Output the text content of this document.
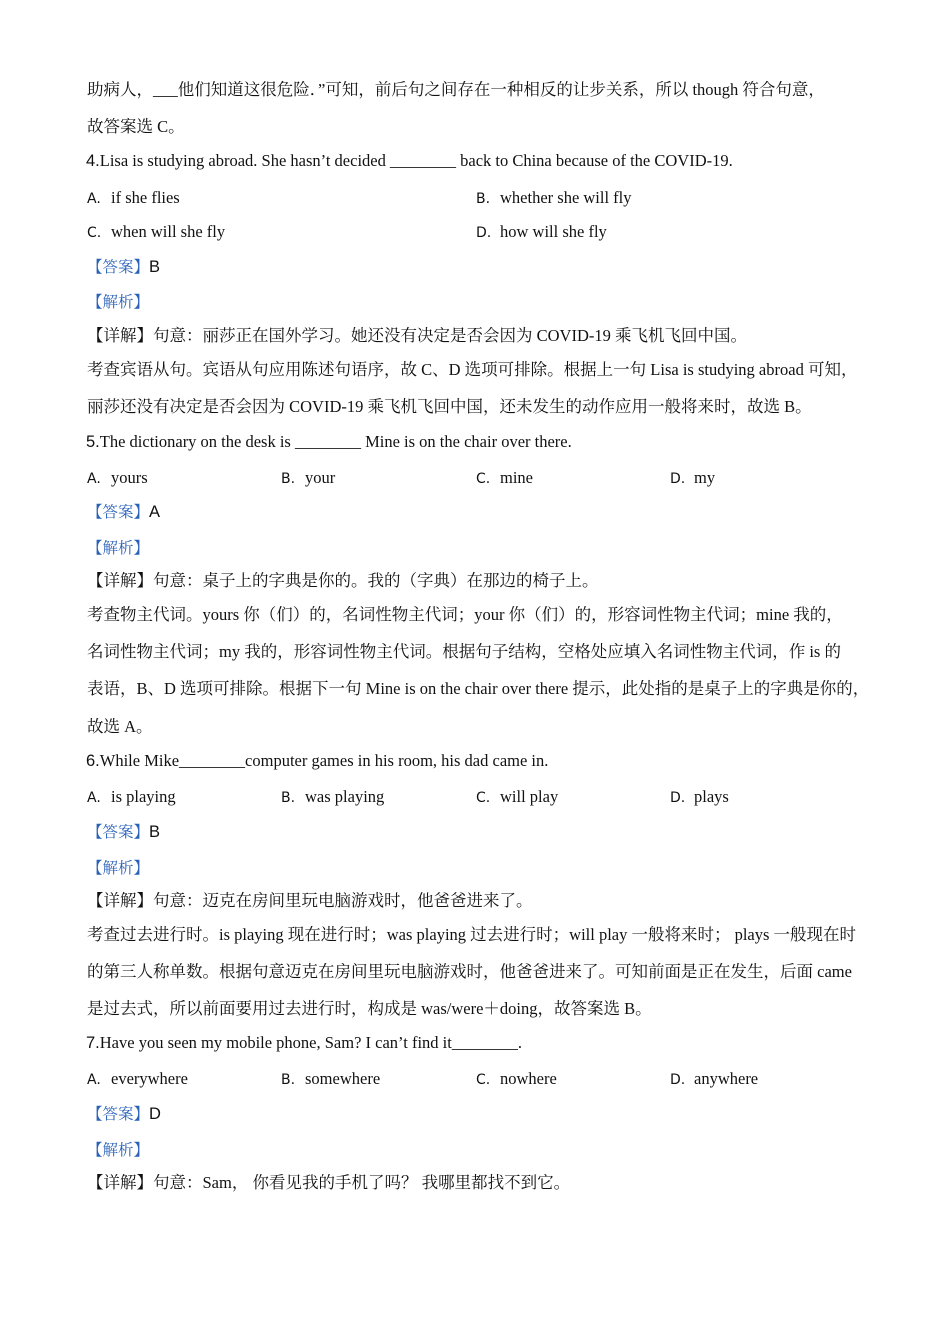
助病人，___他们知道这很危险．”可知，前后句之间存在一种相反的让步关系，所以 though 符合句意，
故答案选 C。
4.Lisa is studying abroad. She hasn’t decided ________ back to China because of the COVID-19.
A. if she flies	B. whether she will fly
C. when will she fly	D. how will she fly
【答案】B
【解析】
【详解】句意：丽莎正在国外学习。她还没有决定是否会因为 COVID-19 乘飞机飞回中国。
考查宾语从句。宾语从句应用陈述句语序，故 C、D 选项可排除。根据上一句 Lisa is studying abroad 可知，
丽莎还没有决定是否会因为 COVID-19 乘飞机飞回中国，还未发生的动作应用一般将来时，故选 B。
5.The dictionary on the desk is ________ Mine is on the chair over there.
A. yours	B. your	C. mine	D. my
【答案】A
【解析】
【详解】句意：桌子上的字典是你的。我的（字典）在那边的椅子上。
考查物主代词。yours 你（们）的，名词性物主代词；your 你（们）的，形容词性物主代词；mine 我的，
名词性物主代词；my 我的，形容词性物主代词。根据句子结构，空格处应填入名词性物主代词，作 is 的
表语，B、D 选项可排除。根据下一句 Mine is on the chair over there 提示，此处指的是桌子上的字典是你的，
故选 A。
6.While Mike________computer games in his room, his dad came in.
A. is playing	B. was playing	C. will play	D. plays
【答案】B
【解析】
【详解】句意：迈克在房间里玩电脑游戏时，他爸爸进来了。
考查过去进行时。is playing 现在进行时；was playing 过去进行时；will play 一般将来时； plays 一般现在时
的第三人称单数。根据句意迈克在房间里玩电脑游戏时，他爸爸进来了。可知前面是正在发生，后面 came
是过去式，所以前面要用过去进行时，构成是 was/were＋doing，故答案选 B。
7.Have you seen my mobile phone, Sam? I can’t find it________.
A. everywhere	B. somewhere	C. nowhere	D. anywhere
【答案】D
【解析】
【详解】句意：Sam， 你看见我的手机了吗？ 我哪里都找不到它。
